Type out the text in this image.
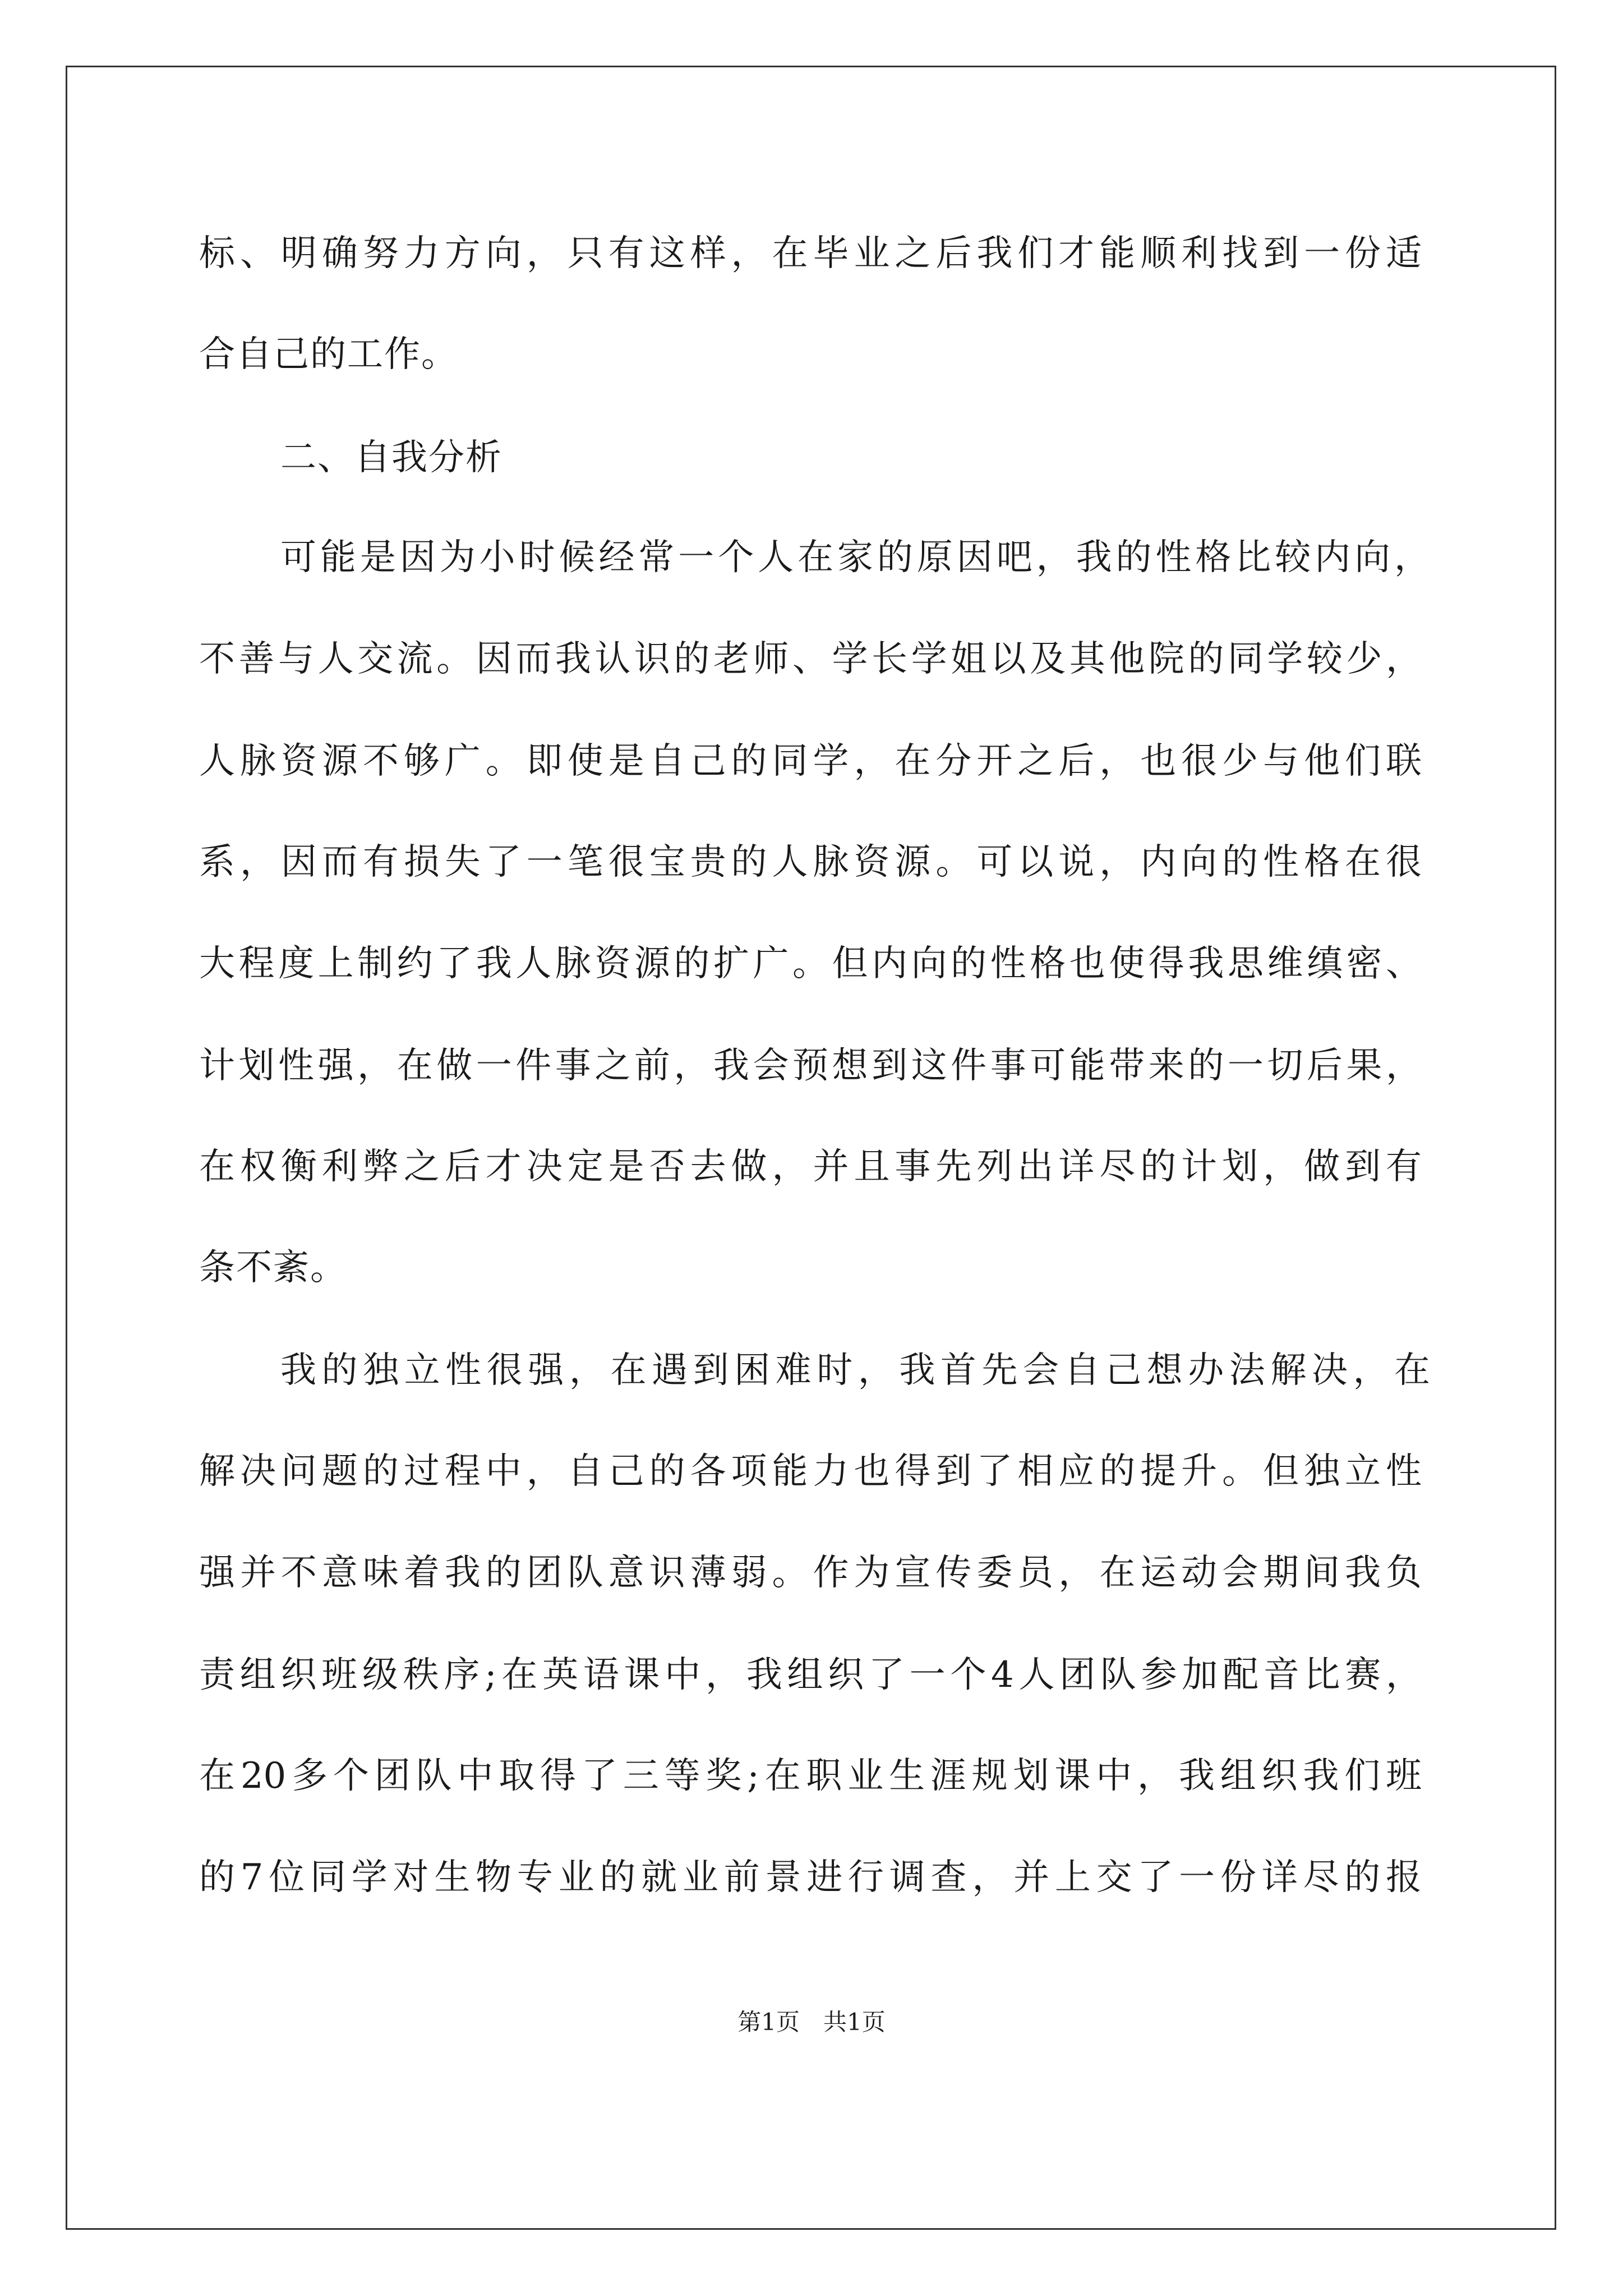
标、明确努力方向，只有这样，在毕业之后我们才能顺利找到一份适
合自己的工作。
二、自我分析
可能是因为小时候经常一个人在家的原因吧，我的性格比较内向，
不善与人交流。因而我认识的老师、学长学姐以及其他院的同学较少，
人脉资源不够广。即使是自己的同学，在分开之后，也很少与他们联
系，因而有损失了一笔很宝贵的人脉资源。可以说，内向的性格在很
大程度上制约了我人脉资源的扩广。但内向的性格也使得我思维缜密、
计划性强，在做一件事之前，我会预想到这件事可能带来的一切后果，
在权衡利弊之后才决定是否去做，并且事先列出详尽的计划，做到有
条不紊。
我的独立性很强，在遇到困难时，我首先会自己想办法解决，在
解决问题的过程中，自己的各项能力也得到了相应的提升。但独立性
强并不意味着我的团队意识薄弱。作为宣传委员，在运动会期间我负
责组织班级秩序;在英语课中，我组织了一个4人团队参加配音比赛，
在20多个团队中取得了三等奖;在职业生涯规划课中，我组织我们班
的7位同学对生物专业的就业前景进行调查，并上交了一份详尽的报
第1页　共1页
